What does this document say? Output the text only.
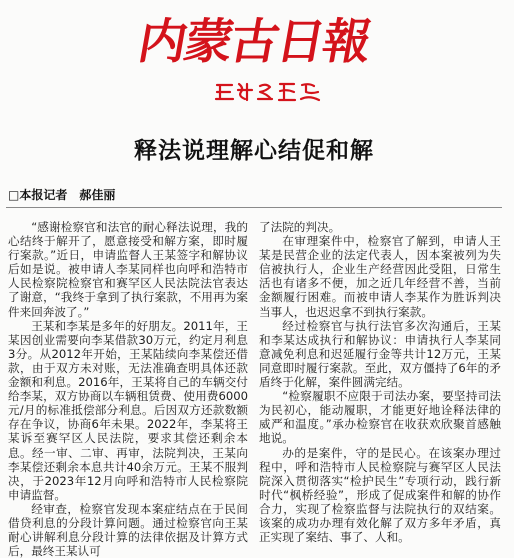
内蒙古日報
释法说理解心结促和解
□本报记者 郝佳丽

“感谢检察官和法官的耐心释法说理，我的心结终于解开了，愿意接受和解方案，即时履行案款。”近日，申请监督人王某签字和解协议后如是说。被申请人李某同样也向呼和浩特市人民检察院检察官和赛罕区人民法院法官表达了谢意，“我终于拿到了执行案款，不用再为案件来回奔波了。”

王某和李某是多年的好朋友。2011年，王某因创业需要向李某借款30万元，约定月利息3分。从2012年开始，王某陆续向李某偿还借款，由于双方未对账，无法准确查明具体还款金额和利息。2016年，王某将自己的车辆交付给李某，双方协商以车辆租赁费、使用费6000元/月的标准抵偿部分利息。后因双方还款数额存在争议，协商6年未果。2022年，李某将王某诉至赛罕区人民法院，要求其偿还剩余本息。经一审、二审、再审，法院判决，王某向李某偿还剩余本息共计40余万元。王某不服判决，于2023年12月向呼和浩特市人民检察院申请监督。

经审查，检察官发现本案症结点在于民间借贷利息的分段计算问题。通过检察官向王某耐心讲解利息分段计算的法律依据及计算方式后，最终王某认可

了法院的判决。

在审理案件中，检察官了解到，申请人王某是民营企业的法定代表人，因本案被列为失信被执行人，企业生产经营因此受阻，日常生活也有诸多不便，加之近几年经营不善，当前金额履行困难。而被申请人李某作为胜诉判决当事人，也迟迟拿不到执行案款。

经过检察官与执行法官多次沟通后，王某和李某达成执行和解协议：申请执行人李某同意减免利息和迟延履行金等共计12万元，王某同意即时履行案款。至此，双方僵持了6年的矛盾终于化解，案件圆满完结。

“检察履职不应限于司法办案，要坚持司法为民初心，能动履职，才能更好地诠释法律的威严和温度。”承办检察官在收获欢欣聚首感触地说。

办的是案件，守的是民心。在该案办理过程中，呼和浩特市人民检察院与赛罕区人民法院深入贯彻落实“检护民生”专项行动，践行新时代“枫桥经验”，形成了促成案件和解的协作合力，实现了检察监督与法院执行的双结案。该案的成功办理有效化解了双方多年矛盾，真正实现了案结、事了、人和。
